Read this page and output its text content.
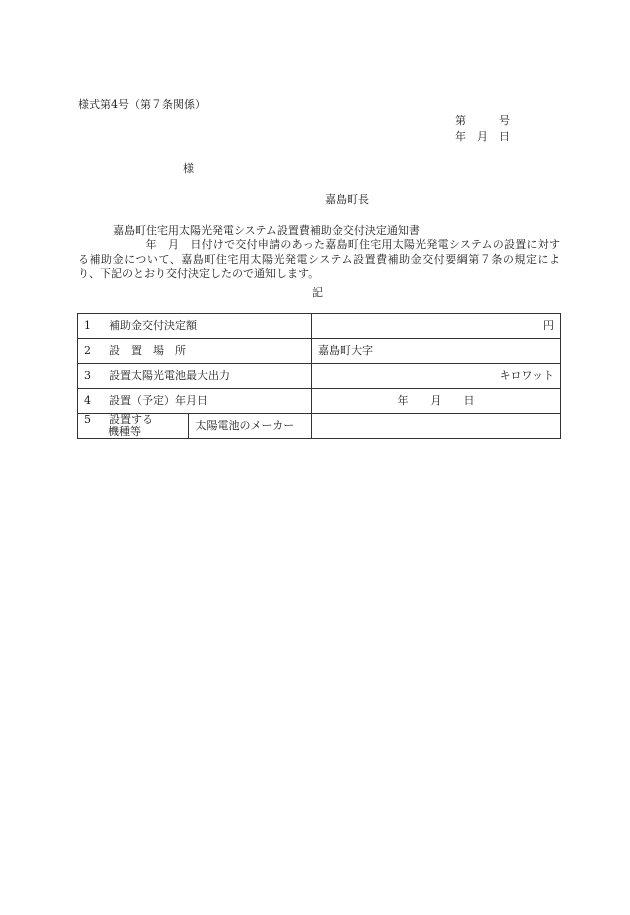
様式第4号（第７条関係）
第　　　号
年　月　日
様
嘉島町長
嘉島町住宅用太陽光発電システム設置費補助金交付決定通知書
　　　　　　年　月　日付けで交付申請のあった嘉島町住宅用太陽光発電システムの設置に対する補助金について、嘉島町住宅用太陽光発電システム設置費補助金交付要綱第７条の規定により、下記のとおり交付決定したので通知します。
記
1 補助金交付決定額		円
2 設　置　場　所		嘉島町大字
3 設置太陽光電池最大出力		キロワット
4 設置（予定）年月日		年　　月　　日

5 設置する
機種等	太陽電池のメーカー	
